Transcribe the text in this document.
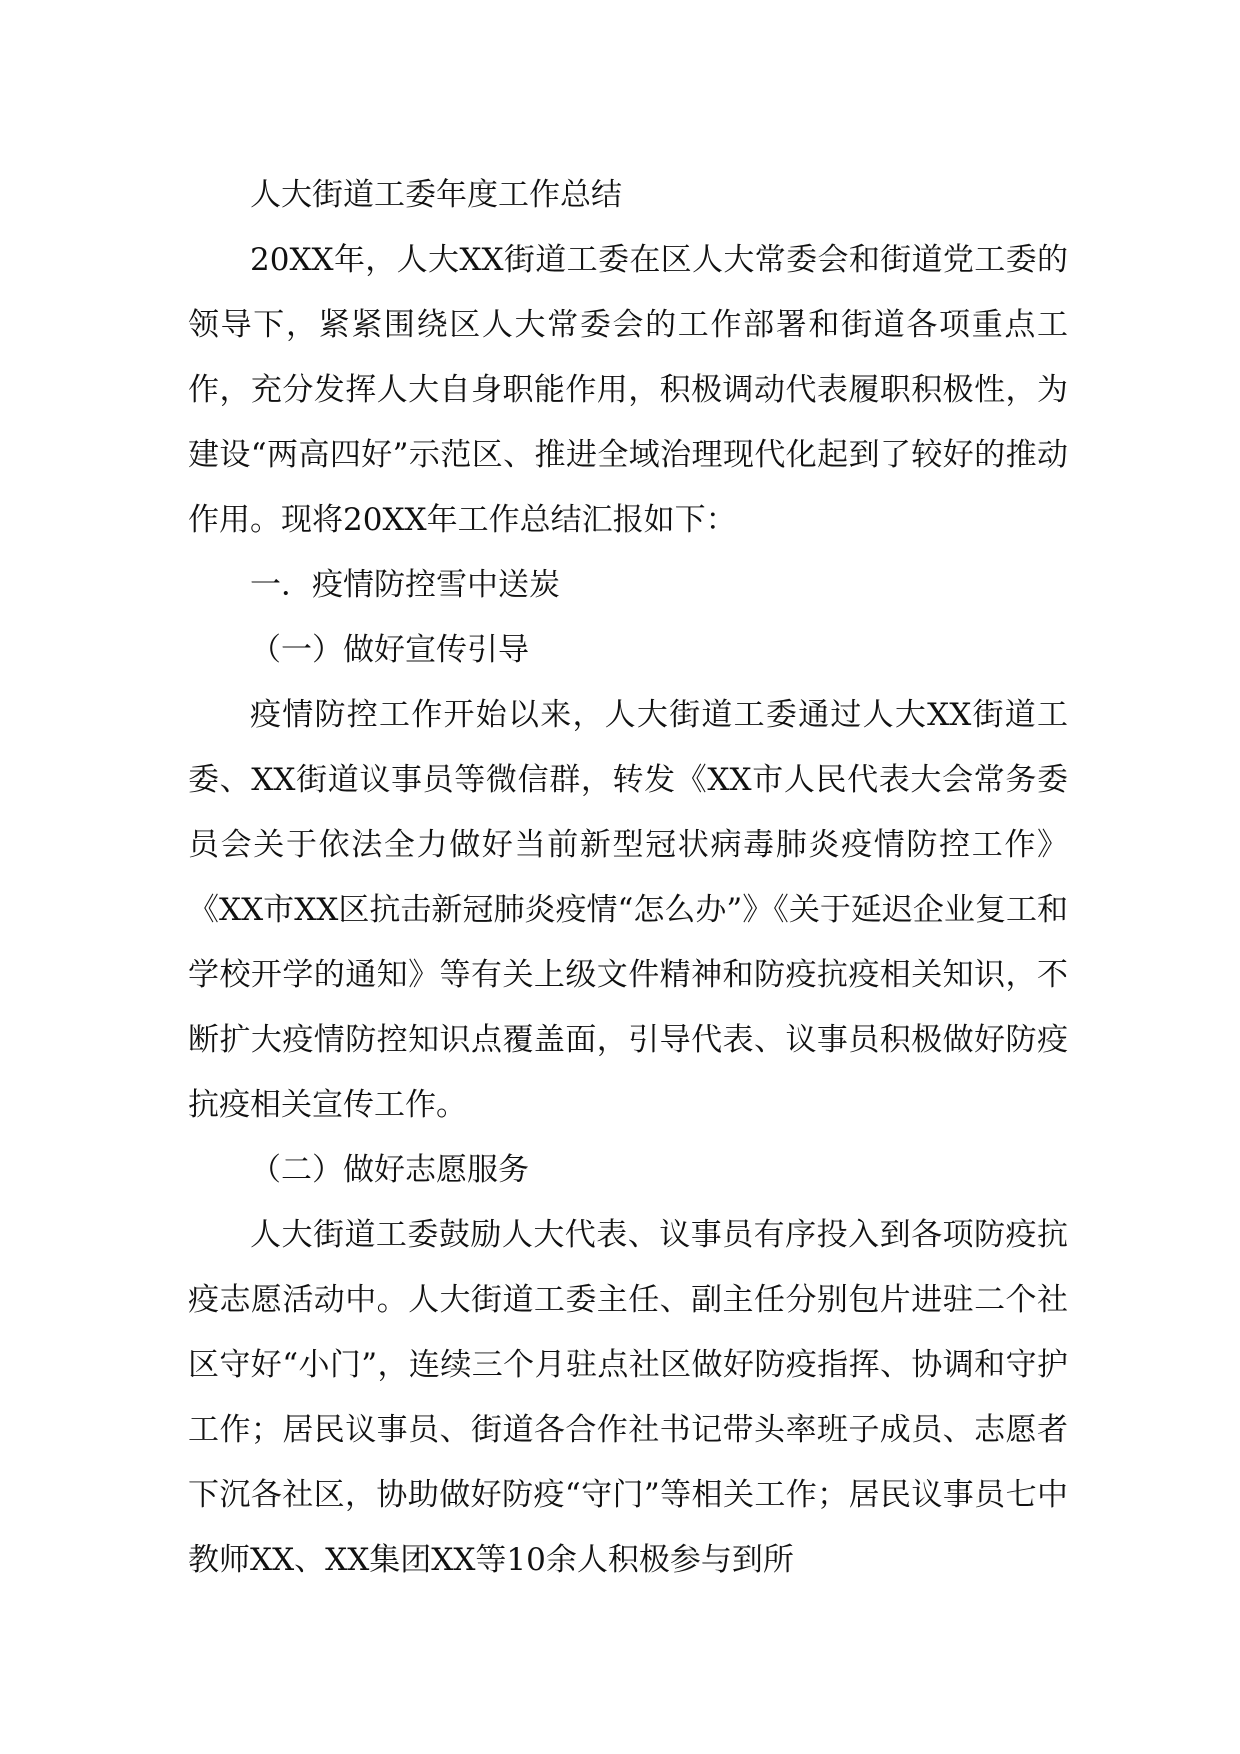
人大街道工委年度工作总结

20XX年，人大XX街道工委在区人大常委会和街道党工委的领导下，紧紧围绕区人大常委会的工作部署和街道各项重点工作，充分发挥人大自身职能作用，积极调动代表履职积极性，为建设“两高四好”示范区、推进全域治理现代化起到了较好的推动作用。现将20XX年工作总结汇报如下：

一．疫情防控雪中送炭

（一）做好宣传引导

疫情防控工作开始以来，人大街道工委通过人大XX街道工委、XX街道议事员等微信群，转发《XX市人民代表大会常务委员会关于依法全力做好当前新型冠状病毒肺炎疫情防控工作》《XX市XX区抗击新冠肺炎疫情“怎么办”》《关于延迟企业复工和学校开学的通知》等有关上级文件精神和防疫抗疫相关知识，不断扩大疫情防控知识点覆盖面，引导代表、议事员积极做好防疫抗疫相关宣传工作。

（二）做好志愿服务

人大街道工委鼓励人大代表、议事员有序投入到各项防疫抗疫志愿活动中。人大街道工委主任、副主任分别包片进驻二个社区守好“小门”，连续三个月驻点社区做好防疫指挥、协调和守护工作；居民议事员、街道各合作社书记带头率班子成员、志愿者下沉各社区，协助做好防疫“守门”等相关工作；居民议事员七中教师XX、XX集团XX等10余人积极参与到所
